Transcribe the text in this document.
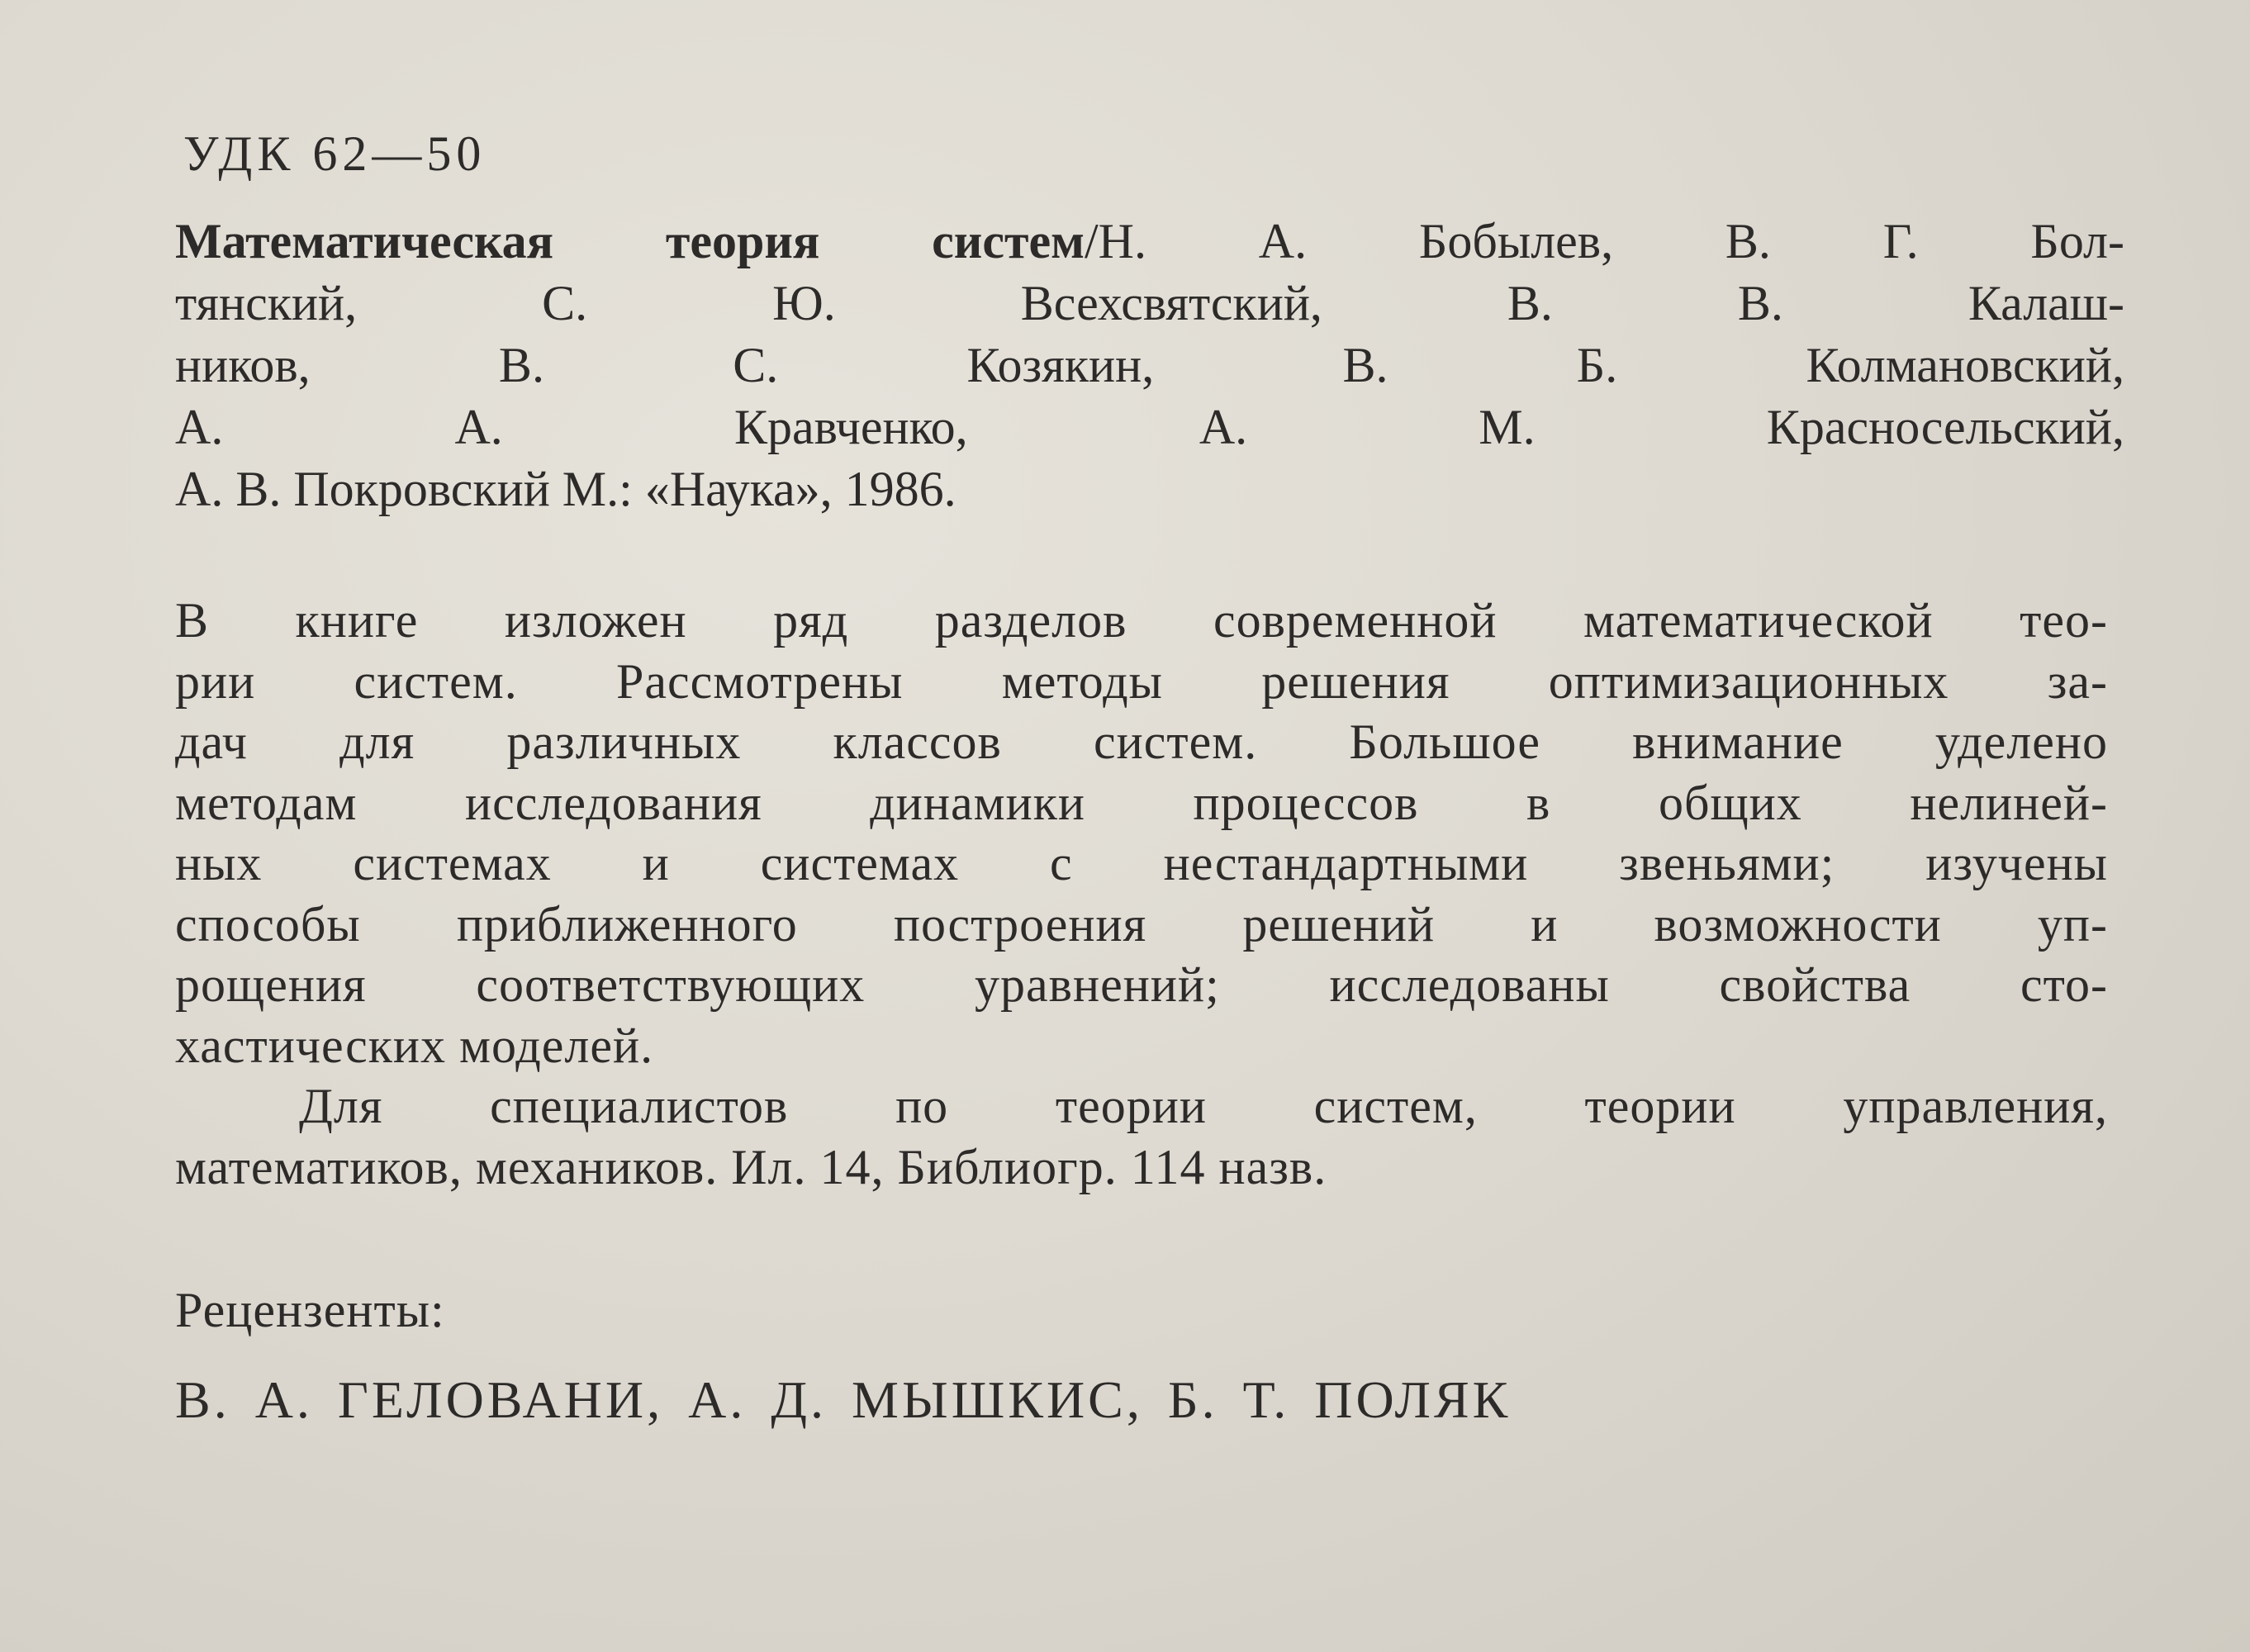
УДК 62—50
Математическая теория систем/Н. А. Бобылев, В. Г. Бол-
тянский, С. Ю. Всехсвятский, В. В. Калаш-
ников, В. С. Козякин, В. Б. Колмановский,
А. А. Кравченко, А. М. Красносельский,
А. В. Покровский М.: «Наука», 1986.
В книге изложен ряд разделов современной математической тео-
рии систем. Рассмотрены методы решения оптимизационных за-
дач для различных классов систем. Большое внимание уделено
методам исследования динамики процессов в общих нелиней-
ных системах и системах с нестандартными звеньями; изучены
способы приближенного построения решений и возможности уп-
рощения соответствующих уравнений; исследованы свойства сто-
хастических моделей.
Для специалистов по теории систем, теории управления,
математиков, механиков. Ил. 14, Библиогр. 114 назв.
Рецензенты:
В. А. ГЕЛОВАНИ, А. Д. МЫШКИС, Б. Т. ПОЛЯК
